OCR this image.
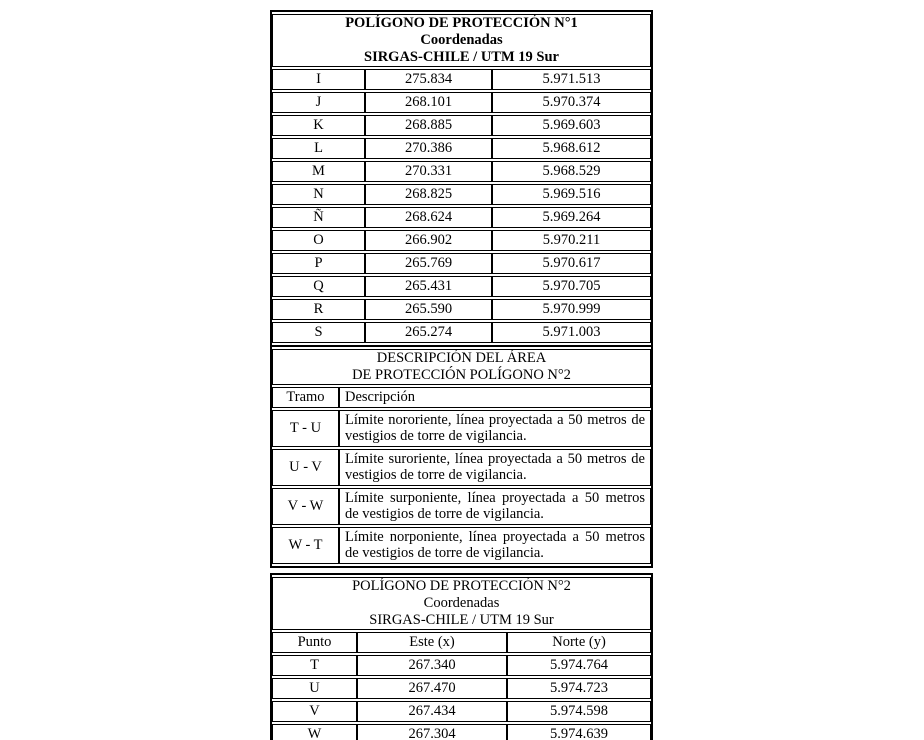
POLÍGONO DE PROTECCIÓN N°1
Coordenadas
SIRGAS-CHILE / UTM 19 Sur		

I	275.834	5.971.513
J	268.101	5.970.374
K	268.885	5.969.603
L	270.386	5.968.612
M	270.331	5.968.529
N	268.825	5.969.516
Ñ	268.624	5.969.264
O	266.902	5.970.211
P	265.769	5.970.617
Q	265.431	5.970.705
R	265.590	5.970.999
S	265.274	5.971.003
DESCRIPCIÓN DEL ÁREA
DE PROTECCIÓN POLÍGONO N°2	

Tramo	Descripción
T - U	Límite nororiente, línea proyectada a 50 metros de vestigios de torre de vigilancia.
U - V	Límite suroriente, línea proyectada a 50 metros de vestigios de torre de vigilancia.
V - W	Límite surponiente, línea proyectada a 50 metros de vestigios de torre de vigilancia.
W - T	Límite norponiente, línea proyectada a 50 metros de vestigios de torre de vigilancia.
POLÍGONO DE PROTECCIÓN N°2
Coordenadas
SIRGAS-CHILE / UTM 19 Sur		

Punto	Este (x)	Norte (y)
T	267.340	5.974.764
U	267.470	5.974.723
V	267.434	5.974.598
W	267.304	5.974.639
